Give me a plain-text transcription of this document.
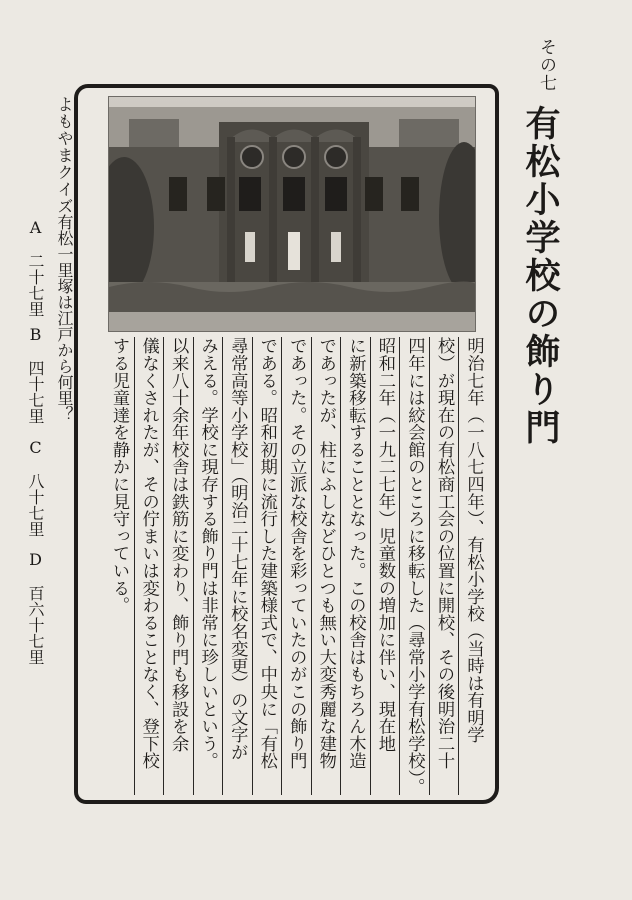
その七
有松小学校の飾り門
よもやまクイズ
有松一里塚は江戸から何里？
A　二十七里
B　四十七里
C　八十七里
D　百六十七里	明治七年（一八七四年）、有松小学校（当時は有明学
校）が現在の有松商工会の位置に開校、その後明治二十
四年には絞会館のところに移転した（尋常小学有松学校）。
昭和二年（一九二七年）児童数の増加に伴い、現在地
に新築移転することとなった。この校舎はもちろん木造
であったが、柱にふしなどひとつも無い大変秀麗な建物
であった。その立派な校舎を彩っていたのがこの飾り門
である。昭和初期に流行した建築様式で、中央に「有松
尋常高等小学校」（明治二十七年に校名変更）の文字が
みえる。学校に現存する飾り門は非常に珍しいという。
以来八十余年校舎は鉄筋に変わり、飾り門も移設を余
儀なくされたが、その佇まいは変わることなく、登下校
する児童達を静かに見守っている。
